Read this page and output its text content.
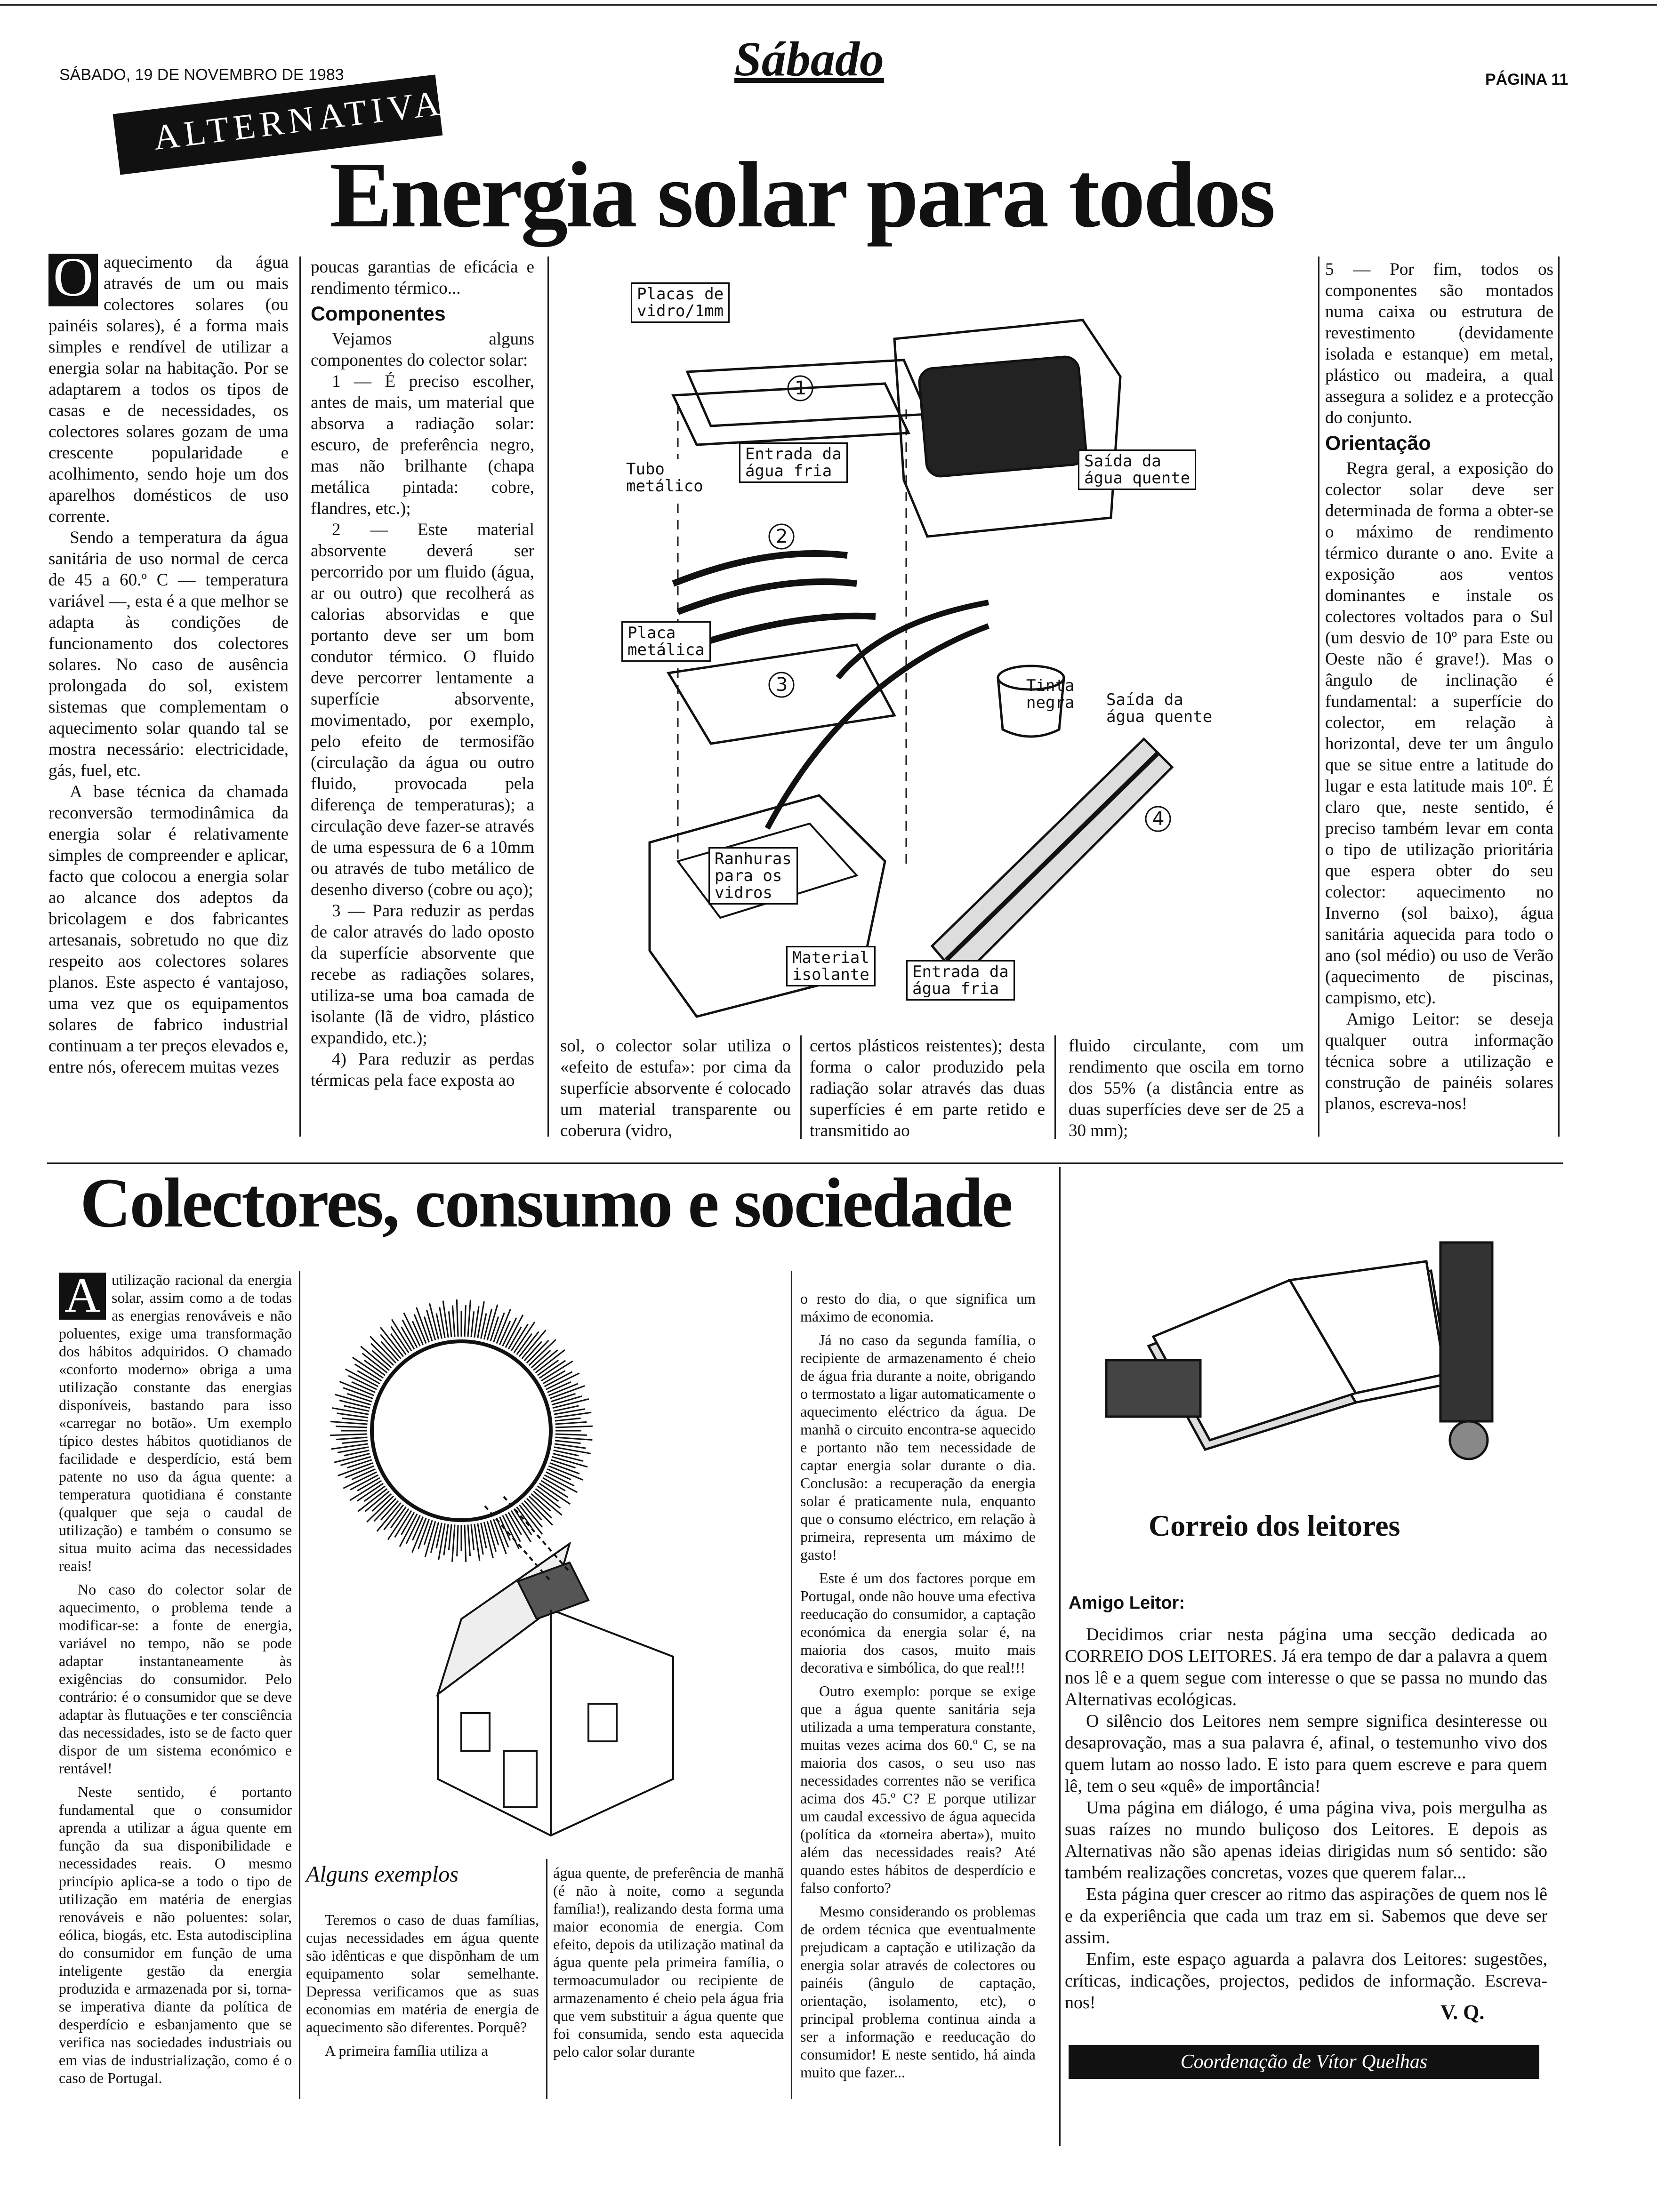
SÁBADO, 19 DE NOVEMBRO DE 1983	Sábado	PÁGINA 11
ALTERNATIVA
Energia solar para todos
O aquecimento da água através de um ou mais colectores solares (ou painéis solares), é a forma mais simples e rendível de utilizar a energia solar na habitação. Por se adaptarem a todos os tipos de casas e de necessidades, os colectores solares gozam de uma crescente popularidade e acolhimento, sendo hoje um dos aparelhos domésticos de uso corrente.

Sendo a temperatura da água sanitária de uso normal de cerca de 45 a 60.º C — temperatura variável —, esta é a que melhor se adapta às condições de funcionamento dos colectores solares. No caso de ausência prolongada do sol, existem sistemas que complementam o aquecimento solar quando tal se mostra necessário: electricidade, gás, fuel, etc.

A base técnica da chamada reconversão termodinâmica da energia solar é relativamente simples de compreender e aplicar, facto que colocou a energia solar ao alcance dos adeptos da bricolagem e dos fabricantes artesanais, sobretudo no que diz respeito aos colectores solares planos. Este aspecto é vantajoso, uma vez que os equipamentos solares de fabrico industrial continuam a ter preços elevados e, entre nós, oferecem muitas vezes

poucas garantias de eficácia e rendimento térmico...

Componentes

Vejamos alguns componentes do colector solar:

1 — É preciso escolher, antes de mais, um material que absorva a radiação solar: escuro, de preferência negro, mas não brilhante (chapa metálica pintada: cobre, flandres, etc.);

2 — Este material absorvente deverá ser percorrido por um fluido (água, ar ou outro) que recolherá as calorias absorvidas e que portanto deve ser um bom condutor térmico. O fluido deve percorrer lentamente a superfície absorvente, movimentado, por exemplo, pelo efeito de termosifão (circulação da água ou outro fluido, provocada pela diferença de temperaturas); a circulação deve fazer-se através de uma espessura de 6 a 10mm ou através de tubo metálico de desenho diverso (cobre ou aço);

3 — Para reduzir as perdas de calor através do lado oposto da superfície absorvente que recebe as radiações solares, utiliza-se uma boa camada de isolante (lã de vidro, plástico expandido, etc.);

4) Para reduzir as perdas térmicas pela face exposta ao

1
2
3
4
Placas de
vidro/1mm
Tubo
metálico
Entrada da
água fria
Saída da
água quente
Placa
metálica
Tinta
negra Saída da
água quente
Ranhuras
para os
vidros
Material
isolante	Entrada da
água fria

sol, o colector solar utiliza o «efeito de estufa»: por cima da superfície absorvente é colocado um material transparente ou coberura (vidro,

certos plásticos reistentes); desta forma o calor produzido pela radiação solar através das duas superfícies é em parte retido e transmitido ao

fluido circulante, com um rendimento que oscila em torno dos 55% (a distância entre as duas superfícies deve ser de 25 a 30 mm);

5 — Por fim, todos os componentes são montados numa caixa ou estrutura de revestimento (devidamente isolada e estanque) em metal, plástico ou madeira, a qual assegura a solidez e a protecção do conjunto.

Orientação

Regra geral, a exposição do colector solar deve ser determinada de forma a obter-se o máximo de rendimento térmico durante o ano. Evite a exposição aos ventos dominantes e instale os colectores voltados para o Sul (um desvio de 10º para Este ou Oeste não é grave!). Mas o ângulo de inclinação é fundamental: a superfície do colector, em relação à horizontal, deve ter um ângulo que se situe entre a latitude do lugar e esta latitude mais 10º. É claro que, neste sentido, é preciso também levar em conta o tipo de utilização prioritária que espera obter do seu colector: aquecimento no Inverno (sol baixo), água sanitária aquecida para todo o ano (sol médio) ou uso de Verão (aquecimento de piscinas, campismo, etc).

Amigo Leitor: se deseja qualquer outra informação técnica sobre a utilização e construção de painéis solares planos, escreva-nos!

Colectores, consumo e sociedade
A utilização racional da energia solar, assim como a de todas as energias renováveis e não poluentes, exige uma transformação dos hábitos adquiridos. O chamado «conforto moderno» obriga a uma utilização constante das energias disponíveis, bastando para isso «carregar no botão». Um exemplo típico destes hábitos quotidianos de facilidade e desperdício, está bem patente no uso da água quente: a temperatura quotidiana é constante (qualquer que seja o caudal de utilização) e também o consumo se situa muito acima das necessidades reais!

No caso do colector solar de aquecimento, o problema tende a modificar-se: a fonte de energia, variável no tempo, não se pode adaptar instantaneamente às exigências do consumidor. Pelo contrário: é o consumidor que se deve adaptar às flutuações e ter consciência das necessidades, isto se de facto quer dispor de um sistema económico e rentável!

Neste sentido, é portanto fundamental que o consumidor aprenda a utilizar a água quente em função da sua disponibilidade e necessidades reais. O mesmo princípio aplica-se a todo o tipo de utilização em matéria de energias renováveis e não poluentes: solar, eólica, biogás, etc. Esta autodisciplina do consumidor em função de uma inteligente gestão da energia produzida e armazenada por si, torna-se imperativa diante da política de desperdício e esbanjamento que se verifica nas sociedades industriais ou em vias de industrialização, como é o caso de Portugal.

Alguns exemplos

Teremos o caso de duas famílias, cujas necessidades em água quente são idênticas e que dispõnham de um equipamento solar semelhante. Depressa verificamos que as suas economias em matéria de energia de aquecimento são diferentes. Porquê?

A primeira família utiliza a

água quente, de preferência de manhã (é não à noite, como a segunda família!), realizando desta forma uma maior economia de energia. Com efeito, depois da utilização matinal da água quente pela primeira família, o termoacumulador ou recipiente de armazenamento é cheio pela água fria que vem substituir a água quente que foi consumida, sendo esta aquecida pelo calor solar durante

o resto do dia, o que significa um máximo de economia.

Já no caso da segunda família, o recipiente de armazenamento é cheio de água fria durante a noite, obrigando o termostato a ligar automaticamente o aquecimento eléctrico da água. De manhã o circuito encontra-se aquecido e portanto não tem necessidade de captar energia solar durante o dia. Conclusão: a recuperação da energia solar é praticamente nula, enquanto que o consumo eléctrico, em relação à primeira, representa um máximo de gasto!

Este é um dos factores porque em Portugal, onde não houve uma efectiva reeducação do consumidor, a captação económica da energia solar é, na maioria dos casos, muito mais decorativa e simbólica, do que real!!!

Outro exemplo: porque se exige que a água quente sanitária seja utilizada a uma temperatura constante, muitas vezes acima dos 60.º C, se na maioria dos casos, o seu uso nas necessidades correntes não se verifica acima dos 45.º C? E porque utilizar um caudal excessivo de água aquecida (política da «torneira aberta»), muito além das necessidades reais? Até quando estes hábitos de desperdício e falso conforto?

Mesmo considerando os problemas de ordem técnica que eventualmente prejudicam a captação e utilização da energia solar através de colectores ou painéis (ângulo de captação, orientação, isolamento, etc), o principal problema continua ainda a ser a informação e reeducação do consumidor! E neste sentido, há ainda muito que fazer...

Correio dos leitores
Amigo Leitor:

Decidimos criar nesta página uma secção dedicada ao CORREIO DOS LEITORES. Já era tempo de dar a palavra a quem nos lê e a quem segue com interesse o que se passa no mundo das Alternativas ecológicas.

O silêncio dos Leitores nem sempre significa desinteresse ou desaprovação, mas a sua palavra é, afinal, o testemunho vivo dos quem lutam ao nosso lado. E isto para quem escreve e para quem lê, tem o seu «quê» de importância!

Uma página em diálogo, é uma página viva, pois mergulha as suas raízes no mundo buliçoso dos Leitores. E depois as Alternativas não são apenas ideias dirigidas num só sentido: são também realizações concretas, vozes que querem falar...

Esta página quer crescer ao ritmo das aspirações de quem nos lê e da experiência que cada um traz em si. Sabemos que deve ser assim.

Enfim, este espaço aguarda a palavra dos Leitores: sugestões, críticas, indicações, projectos, pedidos de informação. Escreva-nos!	V. Q.
Coordenação de Vítor Quelhas
